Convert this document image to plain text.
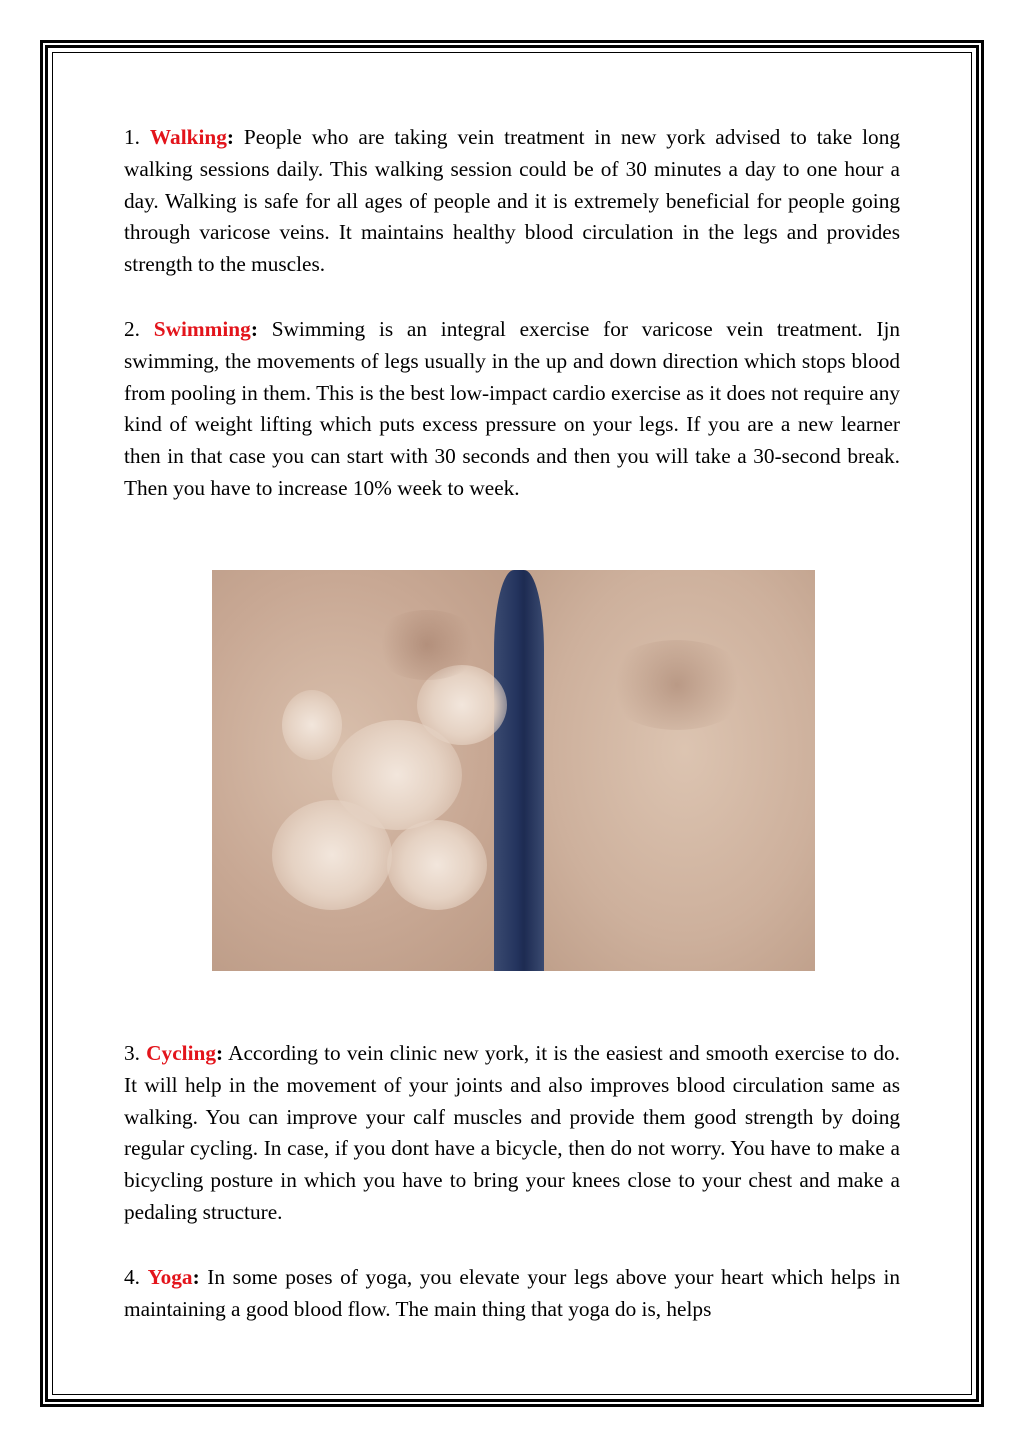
1. Walking: People who are taking vein treatment in new york advised to take long walking sessions daily. This walking session could be of 30 minutes a day to one hour a day. Walking is safe for all ages of people and it is extremely beneficial for people going through varicose veins. It maintains healthy blood circulation in the legs and provides strength to the muscles.

2. Swimming: Swimming is an integral exercise for varicose vein treatment. Ijn swimming, the movements of legs usually in the up and down direction which stops blood from pooling in them. This is the best low-impact cardio exercise as it does not require any kind of weight lifting which puts excess pressure on your legs. If you are a new learner then in that case you can start with 30 seconds and then you will take a 30-second break. Then you have to increase 10% week to week.

3. Cycling: According to vein clinic new york, it is the easiest and smooth exercise to do. It will help in the movement of your joints and also improves blood circulation same as walking. You can improve your calf muscles and provide them good strength by doing regular cycling. In case, if you dont have a bicycle, then do not worry. You have to make a bicycling posture in which you have to bring your knees close to your chest and make a pedaling structure.

4. Yoga: In some poses of yoga, you elevate your legs above your heart which helps in maintaining a good blood flow. The main thing that yoga do is, helps
